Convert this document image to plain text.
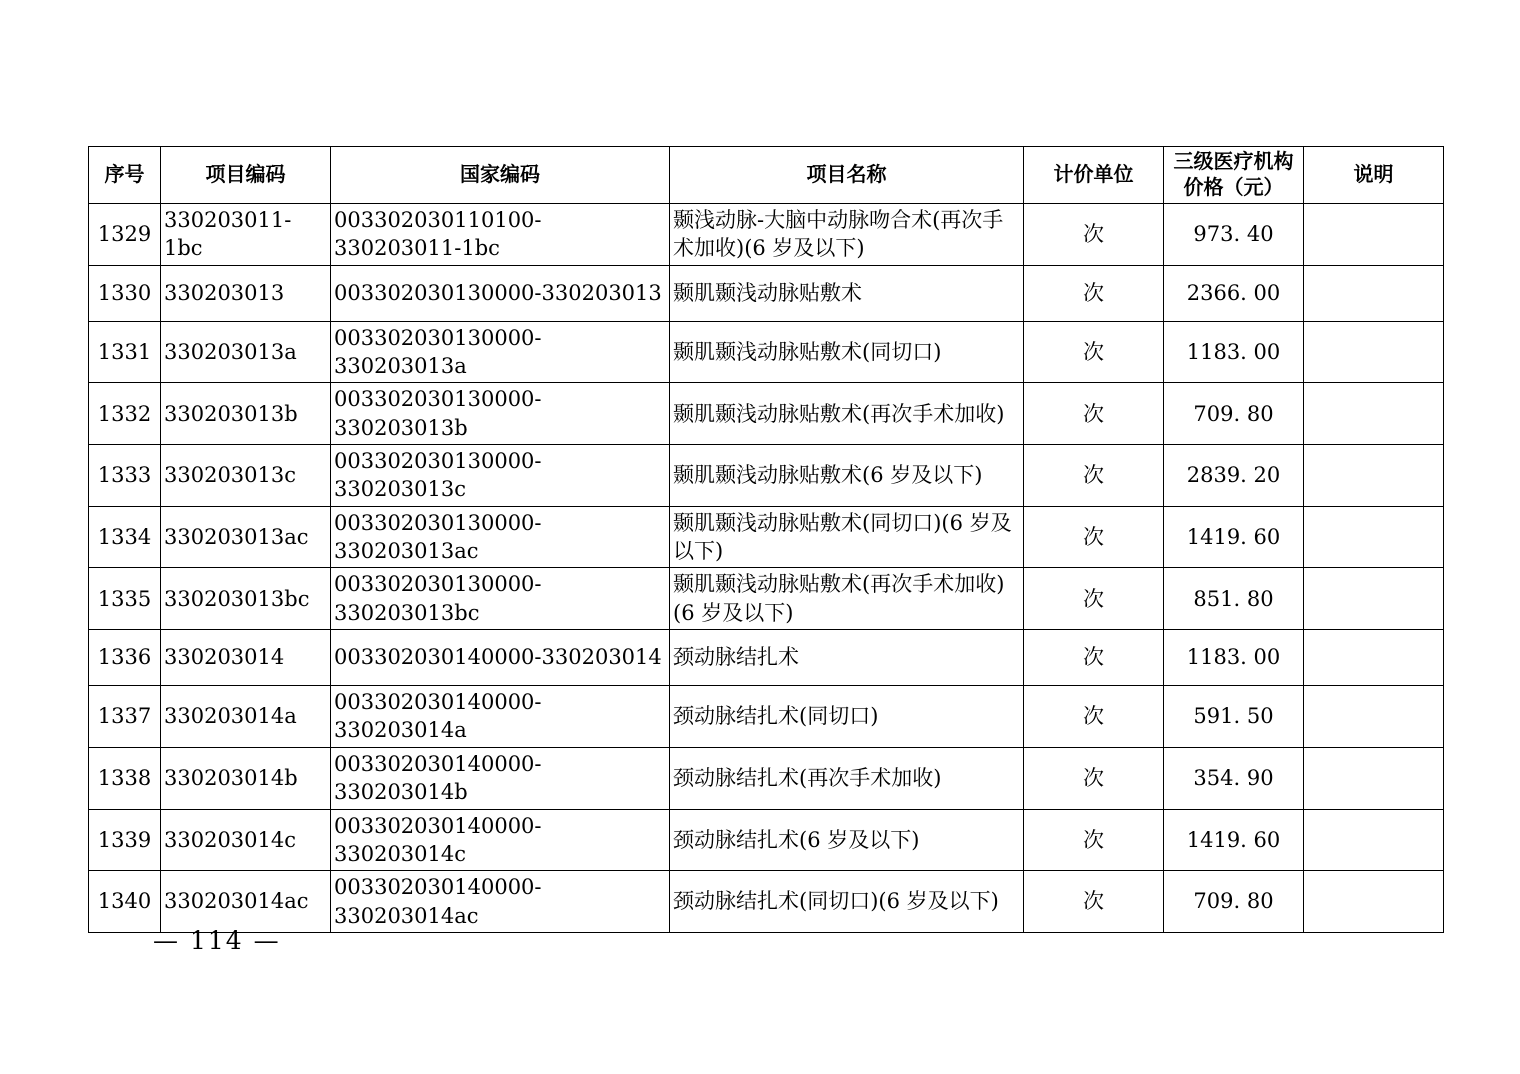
序号	项目编码	国家编码	项目名称	计价单位	三级医疗机构价格（元）	说明
1329	330203011-1bc	003302030110100-330203011-1bc	颞浅动脉-大脑中动脉吻合术(再次手术加收)(6 岁及以下)	次	973. 40	
1330	330203013	003302030130000-330203013	颞肌颞浅动脉贴敷术	次	2366. 00	
1331	330203013a	003302030130000-330203013a	颞肌颞浅动脉贴敷术(同切口)	次	1183. 00	
1332	330203013b	003302030130000-330203013b	颞肌颞浅动脉贴敷术(再次手术加收)	次	709. 80	
1333	330203013c	003302030130000-330203013c	颞肌颞浅动脉贴敷术(6 岁及以下)	次	2839. 20	
1334	330203013ac	003302030130000-330203013ac	颞肌颞浅动脉贴敷术(同切口)(6 岁及以下)	次	1419. 60	
1335	330203013bc	003302030130000-330203013bc	颞肌颞浅动脉贴敷术(再次手术加收)(6 岁及以下)	次	851. 80	
1336	330203014	003302030140000-330203014	颈动脉结扎术	次	1183. 00	
1337	330203014a	003302030140000-330203014a	颈动脉结扎术(同切口)	次	591. 50	
1338	330203014b	003302030140000-330203014b	颈动脉结扎术(再次手术加收)	次	354. 90	
1339	330203014c	003302030140000-330203014c	颈动脉结扎术(6 岁及以下)	次	1419. 60	
1340	330203014ac	003302030140000-330203014ac	颈动脉结扎术(同切口)(6 岁及以下)	次	709. 80	
— 114 —
